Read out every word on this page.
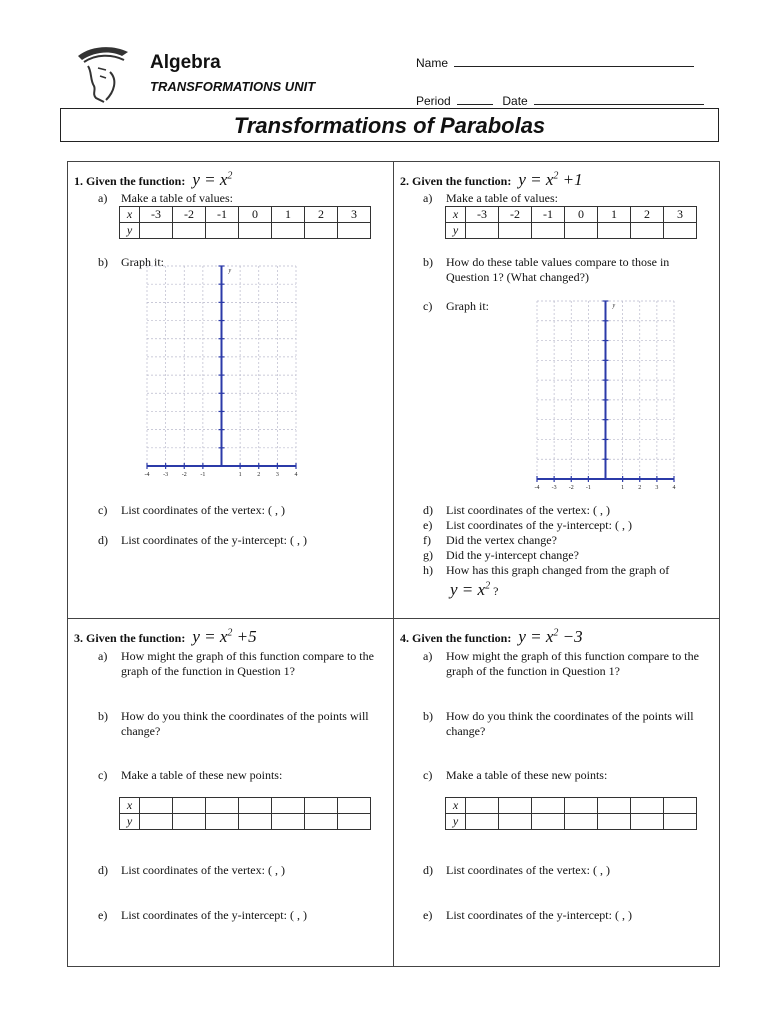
Algebra
TRANSFORMATIONS UNIT
Name
Period	Date
Transformations of Parabolas
1. Given the function: $y = x^2$
a) Make a table of values:
x	-3	-2	-1	0	1	2	3
y							
b) Graph it:
y
-4 -3 -2 -1	1	2	3	4
c) List coordinates of the vertex: ( , )
d) List coordinates of the y-intercept: ( , )
2. Given the function: $y = x^2 +1$
a) Make a table of values:
x	-3	-2	-1	0	1	2	3
y							
b) How do these table values compare to those in Question 1? (What changed?)
c) Graph it:	y
-4 -3 -2 -1	1 2 3 4
d) List coordinates of the vertex: ( , )
e) List coordinates of the y-intercept: ( , )
f) Did the vertex change?
g) Did the y-intercept change?
h) How has this graph changed from the graph of
$y = x^2$ ?
3. Given the function: $y = x^2 +5$
a) How might the graph of this function compare to the graph of the function in Question 1?
b) How do you think the coordinates of the points will change?
c) Make a table of these new points:
x							
y							
d) List coordinates of the vertex: ( , )
e) List coordinates of the y-intercept: ( , )
4. Given the function: $y = x^2 -3$
a) How might the graph of this function compare to the graph of the function in Question 1?
b) How do you think the coordinates of the points will change?
c) Make a table of these new points:
x							
y							
d) List coordinates of the vertex: ( , )
e) List coordinates of the y-intercept: ( , )
